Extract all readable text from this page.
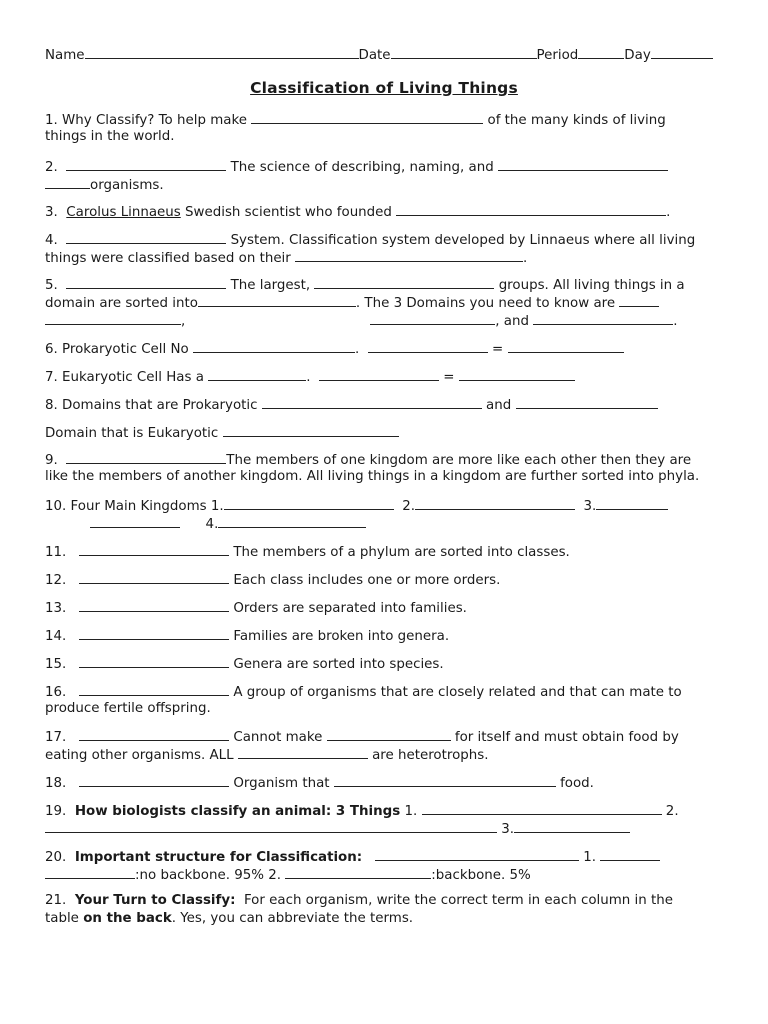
Name	Date	Period	Day
Classification of Living Things
1. Why Classify? To help make	of the many kinds of living
things in the world.
2.	The science of describing, naming, and
organisms.
3. Carolus Linnaeus Swedish scientist who founded	.
4.	System. Classification system developed by Linnaeus where all living
things were classified based on their	.
5.	The largest,	groups. All living things in a
domain are sorted into	. The 3 Domains you need to know are
,	, and	.
6. Prokaryotic Cell No	.	=
7. Eukaryotic Cell Has a	.	=
8. Domains that are Prokaryotic	and
Domain that is Eukaryotic
9.	The members of one kingdom are more like each other then they are
like the members of another kingdom. All living things in a kingdom are further sorted into phyla.
10. Four Main Kingdoms 1.	2.	3.
4.
11.	The members of a phylum are sorted into classes.
12.	Each class includes one or more orders.
13.	Orders are separated into families.
14.	Families are broken into genera.
15.	Genera are sorted into species.
16.	A group of organisms that are closely related and that can mate to
produce fertile offspring.
17.	Cannot make	for itself and must obtain food by
eating other organisms. ALL	are heterotrophs.
18.	Organism that	food.
19. How biologists classify an animal: 3 Things 1.	2.
3.
20. Important structure for Classification:	1.
:no backbone. 95% 2.	:backbone. 5%
21. Your Turn to Classify: For each organism, write the correct term in each column in the
table on the back. Yes, you can abbreviate the terms.
